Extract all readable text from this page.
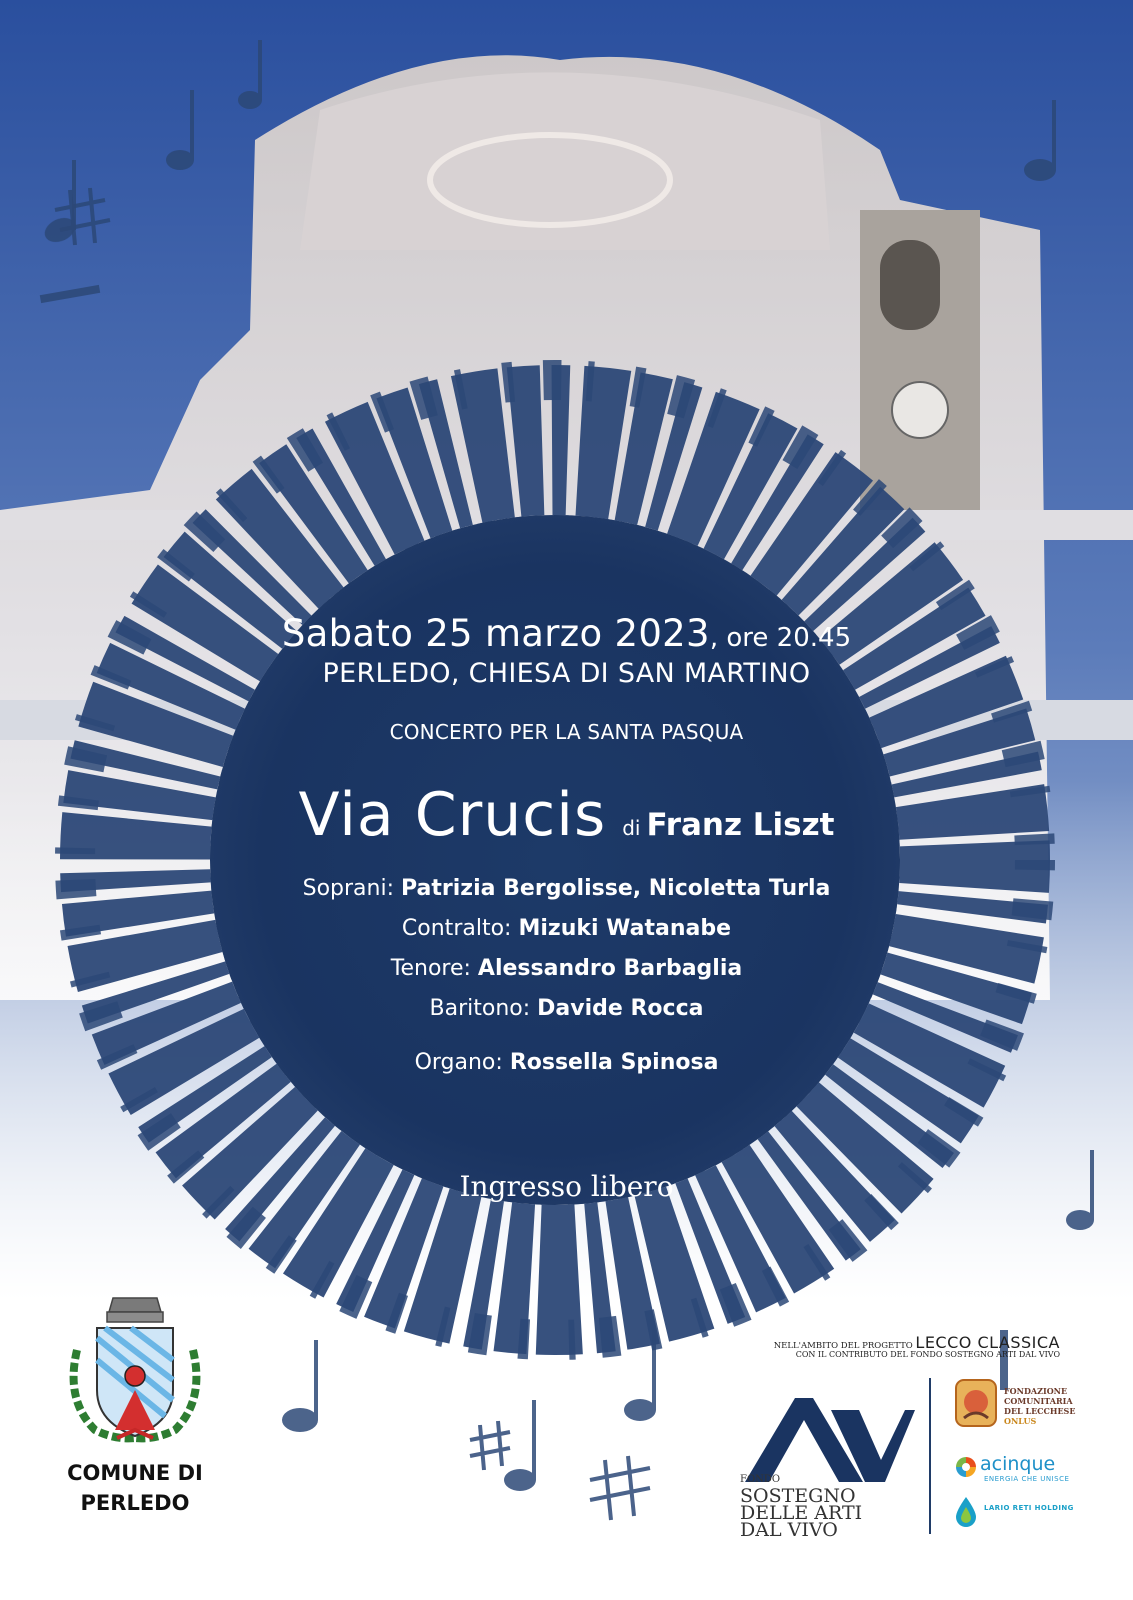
Sabato 25 marzo 2023, ore 20.45
PERLEDO, CHIESA DI SAN MARTINO
CONCERTO PER LA SANTA PASQUA
Via Crucis di Franz Liszt
Soprani: Patrizia Bergolisse, Nicoletta Turla
Contralto: Mizuki Watanabe
Tenore: Alessandro Barbaglia
Baritono: Davide Rocca
Organo: Rossella Spinosa
Ingresso libero
COMUNE DI
PERLEDO
NELL'AMBITO DEL PROGETTO LECCO CLASSICA
CON IL CONTRIBUTO DEL FONDO SOSTEGNO ARTI DAL VIVO
FONDO
SOSTEGNO
DELLE ARTI
DAL VIVO
FONDAZIONE
COMUNITARIA
DEL LECCHESE
ONLUS
acinque
ENERGIA CHE UNISCE
LARIO RETI HOLDING
